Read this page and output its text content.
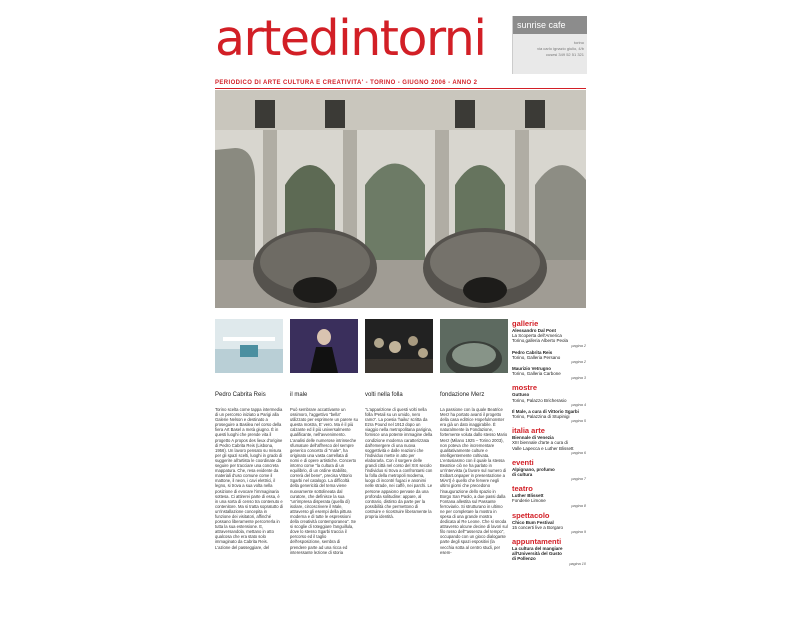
artedintorni	sunrise cafe
torino
via carlo ignazio giulio, 4/b
cusesi 349 52 51 321
PERIODICO DI ARTE CULTURA E CREATIVITA' - TORINO - GIUGNO 2006 - ANNO 2
Pedro Cabrita Reis	il male	volti nella folla	fondazione Merz
Torino scelta come tappa intermedia di un percorso iniziato a Parigi alla Galerie Nelson e destinato a proseguire a Basilea nel corso della fiera Art Basel a metà giugno. È in questi luoghi che prende vita il progetto A propos des lieux d'origine di Pedro Cabrita Reis (Lisbona, 1956). Un lavoro pensato su misura per gli spazi scelti, luoghi in grado di suggerire all'artista le coordinate da seguire per tracciare una concreta mappatura. Che, resa evidente da materiali d'uso comune come il mattone, il neon, i cavi elettrici, il legno, si trova a sua volta nella posizione di evocare l'immaginaria sottesa. Ci attirerei parte di essa, è in una sorta di censo tra contenuto e contenitore. Ma si tratta sopratutto di un'installazione concepita in funzione dei visitatori, affinché possano liberamente percorrerla in tutta la sua estensione. E, attraversandola, mettano in atto qualcosa che era stato solo immaginato da Cabrita Reis. L'azione del passeggiare, del
Può sembrare accattivante un ossimoro, l'aggettivo "bella" utilizzato per esprimere un parere su questa mostra, E' vero. Ma è il più calzante ed il più universalmente qualificante, nell'avvenimento. L'analisi delle numerose intrinseche sfumature dell'affresco del sempre generico concetto di "male", ha originato una vasta carrellata di nomi e di opere artistiche. Concerto intorno come "la cultura di un equilibrio, di un ordine stabilito, correrà del bene", precisa Vittorio Sgarbi nel catalogo. La difficoltà della genericità del tema viene nuovamente sottolineata dal curatore, che definisce la sua "un'impresa disperata (quella di) isolare, circoscrivere il Male, attraverso gli esempi della pittura moderna e di tutte le espressioni della creatività contemporanea". Se si scoglie di roteggiare l'anguillula, dove lo stesso Sgarbi traccia il percorso ed il taglio dell'esposizione, sembra di prendere parte ad una ricca ed interessante lezione di storia
"L'apparizione di questi volti nella folla /Petali su un umido, nero ramo". La poesia 'haiku' scritta da Ezra Pound nel 1913 dopo un viaggio nella metropolitana parigina, fornisce una potente immagine della condizione moderna caratterizzata dall'emergere di una nuova soggettività e dalle reazioni che l'individuo mette in atto per elaborarla. Con il sorgere delle grandi città nel corso del XIX secolo l'individuo si trova a confrontarsi con la folla della metropoli moderna, luogo di incontri fugaci e anonimi nelle strade, nei caffè, nei parchi. Le persone appaiono pervase da una profonda solitudine: appare, al contrario, distinto da parte per la possibilità che permettono di costruire e ricostruire liberamente la propria identità.
La passione con la quale Beatrice Merz ha portato avanti il progetto della casa editrice Hopefulmonster era già un dato inaggirabile. È naturalmente la Fondazione, fortemente voluta dallo stesso Mario Merz (Milano 1925 – Torino 2003), non poteva che incrementare qualitativamente culture e intelligentemente coltivata. L'entusiasmo con il quale la stessa Beatrice ciò ne ha parlato in un'intervista (a favore sul numero di Exibart.onpaper in presentazione a MiArt) è quello che fervere negli ultimi giorni che precedono l'inaugurazione dello spazio in Borgo San Paolo, a due passi dalla Fontana allestita sul Passante ferroviario. Si strutturano in ultimo ne per completare la mostra in spesa di una grande mostra dedicata al Re Leone. Che si snoda attraverso alcune decine di lavori sul filo rosso dell'"assenza del tempo", occupando con un gioco dialogante parte degli spazi espositivi (la vecchia sotta al centro studi, per esem-
gallerie
Alessandro Dal Pont
La Scoperta dell'America
Torino,galleria Alberto Peola
pagina 2
Pedro Cabrita Reis
Torino, Galleria Persano
pagina 2
Maurizio Vetrugno
Torino, Galleria Carbone
pagina 3
mostre
Guttuso
Torino, Palazzo Bricherasio
pagina 4
Il Male, a cura di Vittorio Sgarbi
Torino, Palazzina di Stupinigi
pagina 5
italia arte
Biennale di Venezia
XIII biennale d'arte a cura di
Valle Lapecca e Luther Blissett
pagina 6
eventi
Alpignano, profumo
di cultura
pagina 7
teatro
Luther Blissett
Fonderie Limone
pagina 8
spettacolo
Chico Bum Festival
15 concerti live a Borgaro
pagina 9
appuntamenti
La cultura del mangiare
all'Università del Gusto
di Pollenzo
pagina 10
